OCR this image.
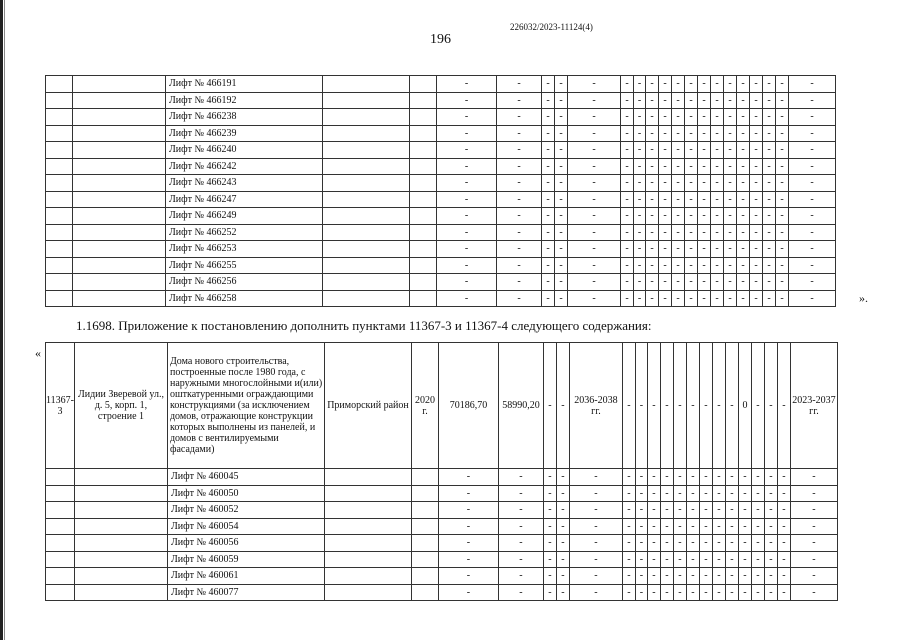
226032/2023-11124(4)
196
		Лифт № 466191			-	-	-	-	-	-	-	-	-	-	-	-	-	-	-	-	-	-	-
		Лифт № 466192			-	-	-	-	-	-	-	-	-	-	-	-	-	-	-	-	-	-	-
		Лифт № 466238			-	-	-	-	-	-	-	-	-	-	-	-	-	-	-	-	-	-	-
		Лифт № 466239			-	-	-	-	-	-	-	-	-	-	-	-	-	-	-	-	-	-	-
		Лифт № 466240			-	-	-	-	-	-	-	-	-	-	-	-	-	-	-	-	-	-	-
		Лифт № 466242			-	-	-	-	-	-	-	-	-	-	-	-	-	-	-	-	-	-	-
		Лифт № 466243			-	-	-	-	-	-	-	-	-	-	-	-	-	-	-	-	-	-	-
		Лифт № 466247			-	-	-	-	-	-	-	-	-	-	-	-	-	-	-	-	-	-	-
		Лифт № 466249			-	-	-	-	-	-	-	-	-	-	-	-	-	-	-	-	-	-	-
		Лифт № 466252			-	-	-	-	-	-	-	-	-	-	-	-	-	-	-	-	-	-	-
		Лифт № 466253			-	-	-	-	-	-	-	-	-	-	-	-	-	-	-	-	-	-	-
		Лифт № 466255			-	-	-	-	-	-	-	-	-	-	-	-	-	-	-	-	-	-	-
		Лифт № 466256			-	-	-	-	-	-	-	-	-	-	-	-	-	-	-	-	-	-	-
		Лифт № 466258			-	-	-	-	-	-	-	-	-	-	-	-	-	-	-	-	-	-	-	».
1.1698. Приложение к постановлению дополнить пунктами 11367-3 и 11367-4 следующего содержания:
«
11367-3	Лидии Зверевой ул., д. 5, корп. 1, строение 1	Дома нового строительства, построенные после 1980 года, с наружными многослойными и(или) ошткатуренными ограждающими конструкциями (за исключением домов, отражающие конструкции которых выполнены из панелей, и домов с вентилируемыми фасадами)	Приморский район	2020 г.	70186,70	58990,20	-	-	2036-2038 гг.	-	-	-	-	-	-	-	-	-	0	-	-	-	2023-2037 гг.
		Лифт № 460045			-	-	-	-	-	-	-	-	-	-	-	-	-	-	-	-	-	-	-
		Лифт № 460050			-	-	-	-	-	-	-	-	-	-	-	-	-	-	-	-	-	-	-
		Лифт № 460052			-	-	-	-	-	-	-	-	-	-	-	-	-	-	-	-	-	-	-
		Лифт № 460054			-	-	-	-	-	-	-	-	-	-	-	-	-	-	-	-	-	-	-
		Лифт № 460056			-	-	-	-	-	-	-	-	-	-	-	-	-	-	-	-	-	-	-
		Лифт № 460059			-	-	-	-	-	-	-	-	-	-	-	-	-	-	-	-	-	-	-
		Лифт № 460061			-	-	-	-	-	-	-	-	-	-	-	-	-	-	-	-	-	-	-
		Лифт № 460077			-	-	-	-	-	-	-	-	-	-	-	-	-	-	-	-	-	-	-
